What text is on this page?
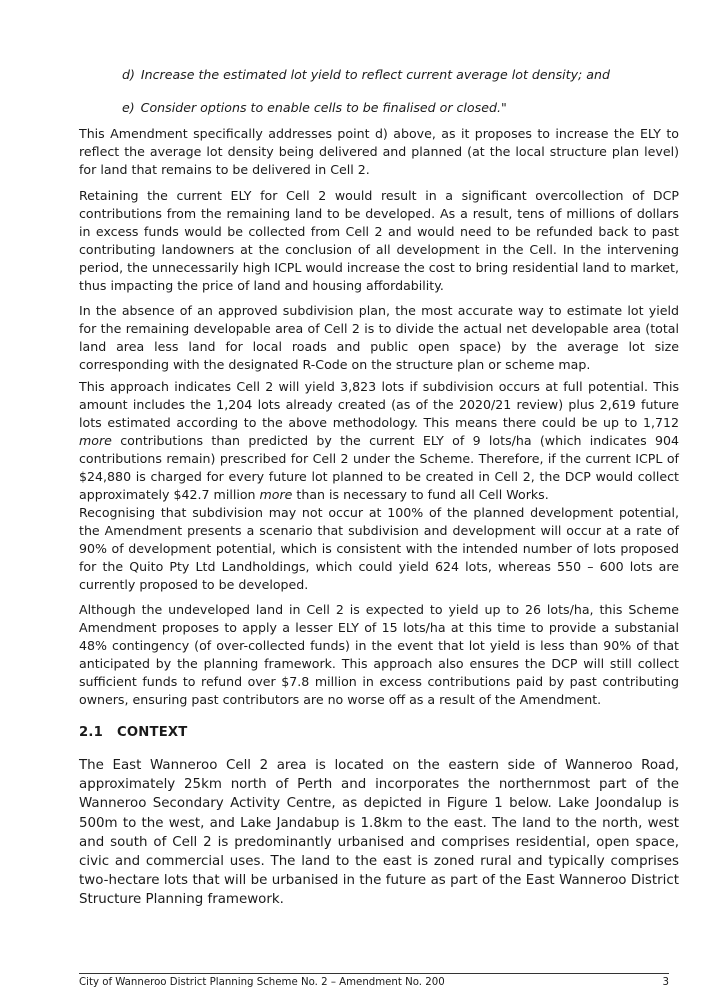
d) Increase the estimated lot yield to reflect current average lot density; and
e) Consider options to enable cells to be finalised or closed."

This Amendment specifically addresses point d) above, as it proposes to increase the ELY to reflect the average lot density being delivered and planned (at the local structure plan level) for land that remains to be delivered in Cell 2.

Retaining the current ELY for Cell 2 would result in a significant overcollection of DCP contributions from the remaining land to be developed. As a result, tens of millions of dollars in excess funds would be collected from Cell 2 and would need to be refunded back to past contributing landowners at the conclusion of all development in the Cell. In the intervening period, the unnecessarily high ICPL would increase the cost to bring residential land to market, thus impacting the price of land and housing affordability.

In the absence of an approved subdivision plan, the most accurate way to estimate lot yield for the remaining developable area of Cell 2 is to divide the actual net developable area (total land area less land for local roads and public open space) by the average lot size corresponding with the designated R-Code on the structure plan or scheme map.

This approach indicates Cell 2 will yield 3,823 lots if subdivision occurs at full potential. This amount includes the 1,204 lots already created (as of the 2020/21 review) plus 2,619 future lots estimated according to the above methodology. This means there could be up to 1,712 more contributions than predicted by the current ELY of 9 lots/ha (which indicates 904 contributions remain) prescribed for Cell 2 under the Scheme. Therefore, if the current ICPL of $24,880 is charged for every future lot planned to be created in Cell 2, the DCP would collect approximately $42.7 million more than is necessary to fund all Cell Works.

Recognising that subdivision may not occur at 100% of the planned development potential, the Amendment presents a scenario that subdivision and development will occur at a rate of 90% of development potential, which is consistent with the intended number of lots proposed for the Quito Pty Ltd Landholdings, which could yield 624 lots, whereas 550 – 600 lots are currently proposed to be developed.

Although the undeveloped land in Cell 2 is expected to yield up to 26 lots/ha, this Scheme Amendment proposes to apply a lesser ELY of 15 lots/ha at this time to provide a substanial 48% contingency (of over-collected funds) in the event that lot yield is less than 90% of that anticipated by the planning framework. This approach also ensures the DCP will still collect sufficient funds to refund over $7.8 million in excess contributions paid by past contributing owners, ensuring past contributors are no worse off as a result of the Amendment.

2.1 CONTEXT

The East Wanneroo Cell 2 area is located on the eastern side of Wanneroo Road, approximately 25km north of Perth and incorporates the northernmost part of the Wanneroo Secondary Activity Centre, as depicted in Figure 1 below. Lake Joondalup is 500m to the west, and Lake Jandabup is 1.8km to the east. The land to the north, west and south of Cell 2 is predominantly urbanised and comprises residential, open space, civic and commercial uses. The land to the east is zoned rural and typically comprises two-hectare lots that will be urbanised in the future as part of the East Wanneroo District Structure Planning framework.

City of Wanneroo District Planning Scheme No. 2 – Amendment No. 200	3
